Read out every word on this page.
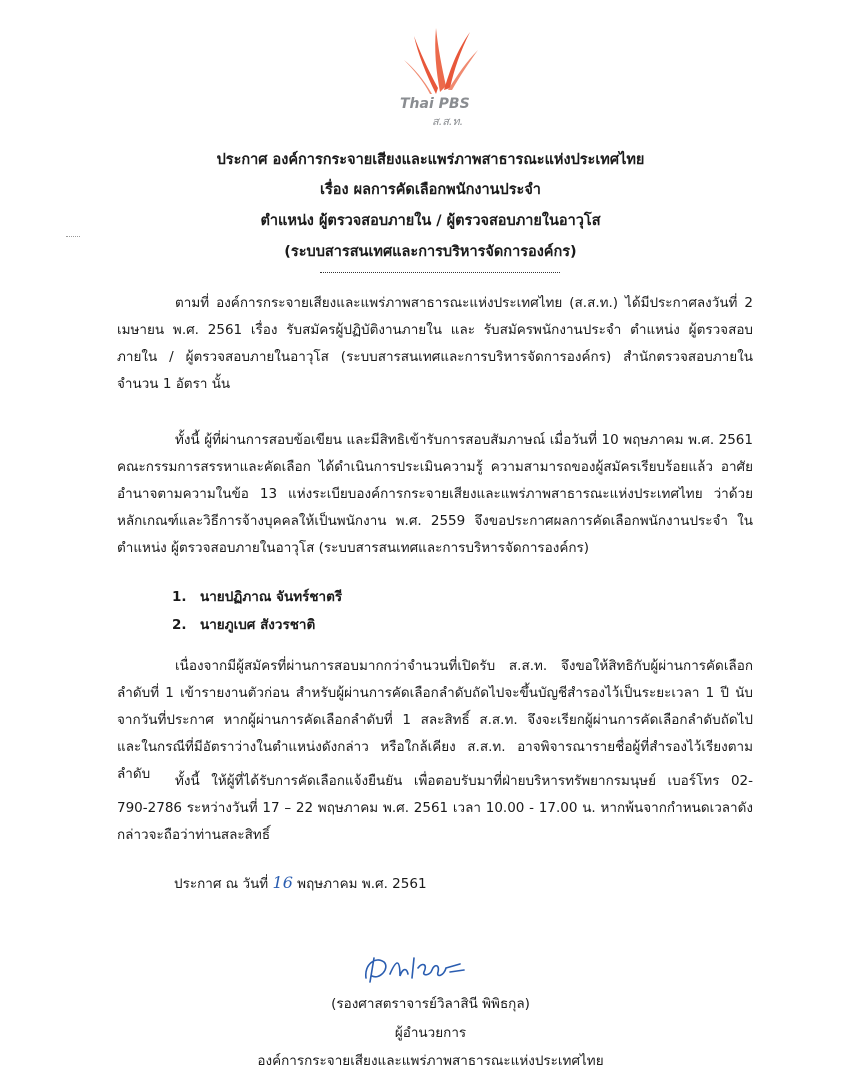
Thai PBS
ส.ส.ท.
ประกาศ องค์การกระจายเสียงและแพร่ภาพสาธารณะแห่งประเทศไทย
เรื่อง ผลการคัดเลือกพนักงานประจำ
ตำแหน่ง ผู้ตรวจสอบภายใน / ผู้ตรวจสอบภายในอาวุโส
(ระบบสารสนเทศและการบริหารจัดการองค์กร)
ตามที่ องค์การกระจายเสียงและแพร่ภาพสาธารณะแห่งประเทศไทย (ส.ส.ท.) ได้มีประกาศลงวันที่ 2 เมษายน พ.ศ. 2561 เรื่อง รับสมัครผู้ปฏิบัติงานภายใน และ รับสมัครพนักงานประจำ ตำแหน่ง ผู้ตรวจสอบภายใน / ผู้ตรวจสอบภายในอาวุโส (ระบบสารสนเทศและการบริหารจัดการองค์กร) สำนักตรวจสอบภายใน จำนวน 1 อัตรา นั้น
ทั้งนี้ ผู้ที่ผ่านการสอบข้อเขียน และมีสิทธิเข้ารับการสอบสัมภาษณ์ เมื่อวันที่ 10 พฤษภาคม พ.ศ. 2561 คณะกรรมการสรรหาและคัดเลือก ได้ดำเนินการประเมินความรู้ ความสามารถของผู้สมัครเรียบร้อยแล้ว อาศัยอำนาจตามความในข้อ 13 แห่งระเบียบองค์การกระจายเสียงและแพร่ภาพสาธารณะแห่งประเทศไทย ว่าด้วยหลักเกณฑ์และวิธีการจ้างบุคคลให้เป็นพนักงาน พ.ศ. 2559 จึงขอประกาศผลการคัดเลือกพนักงานประจำ ในตำแหน่ง ผู้ตรวจสอบภายในอาวุโส (ระบบสารสนเทศและการบริหารจัดการองค์กร)
1. นายปฏิภาณ จันทร์ชาตรี
2. นายภูเบศ สังวรชาติ
เนื่องจากมีผู้สมัครที่ผ่านการสอบมากกว่าจำนวนที่เปิดรับ ส.ส.ท. จึงขอให้สิทธิกับผู้ผ่านการคัดเลือกลำดับที่ 1 เข้ารายงานตัวก่อน สำหรับผู้ผ่านการคัดเลือกลำดับถัดไปจะขึ้นบัญชีสำรองไว้เป็นระยะเวลา 1 ปี นับจากวันที่ประกาศ หากผู้ผ่านการคัดเลือกลำดับที่ 1 สละสิทธิ์ ส.ส.ท. จึงจะเรียกผู้ผ่านการคัดเลือกลำดับถัดไป และในกรณีที่มีอัตราว่างในตำแหน่งดังกล่าว หรือใกล้เคียง ส.ส.ท. อาจพิจารณารายชื่อผู้ที่สำรองไว้เรียงตามลำดับ	ทั้งนี้ ให้ผู้ที่ได้รับการคัดเลือกแจ้งยืนยัน เพื่อตอบรับมาที่ฝ่ายบริหารทรัพยากรมนุษย์ เบอร์โทร 02-790-2786 ระหว่างวันที่ 17 – 22 พฤษภาคม พ.ศ. 2561 เวลา 10.00 - 17.00 น. หากพ้นจากกำหนดเวลาดังกล่าวจะถือว่าท่านสละสิทธิ์
ประกาศ ณ วันที่ 16 พฤษภาคม พ.ศ. 2561
(รองศาสตราจารย์วิลาสินี พิพิธกุล)
ผู้อำนวยการ
องค์การกระจายเสียงและแพร่ภาพสาธารณะแห่งประเทศไทย
